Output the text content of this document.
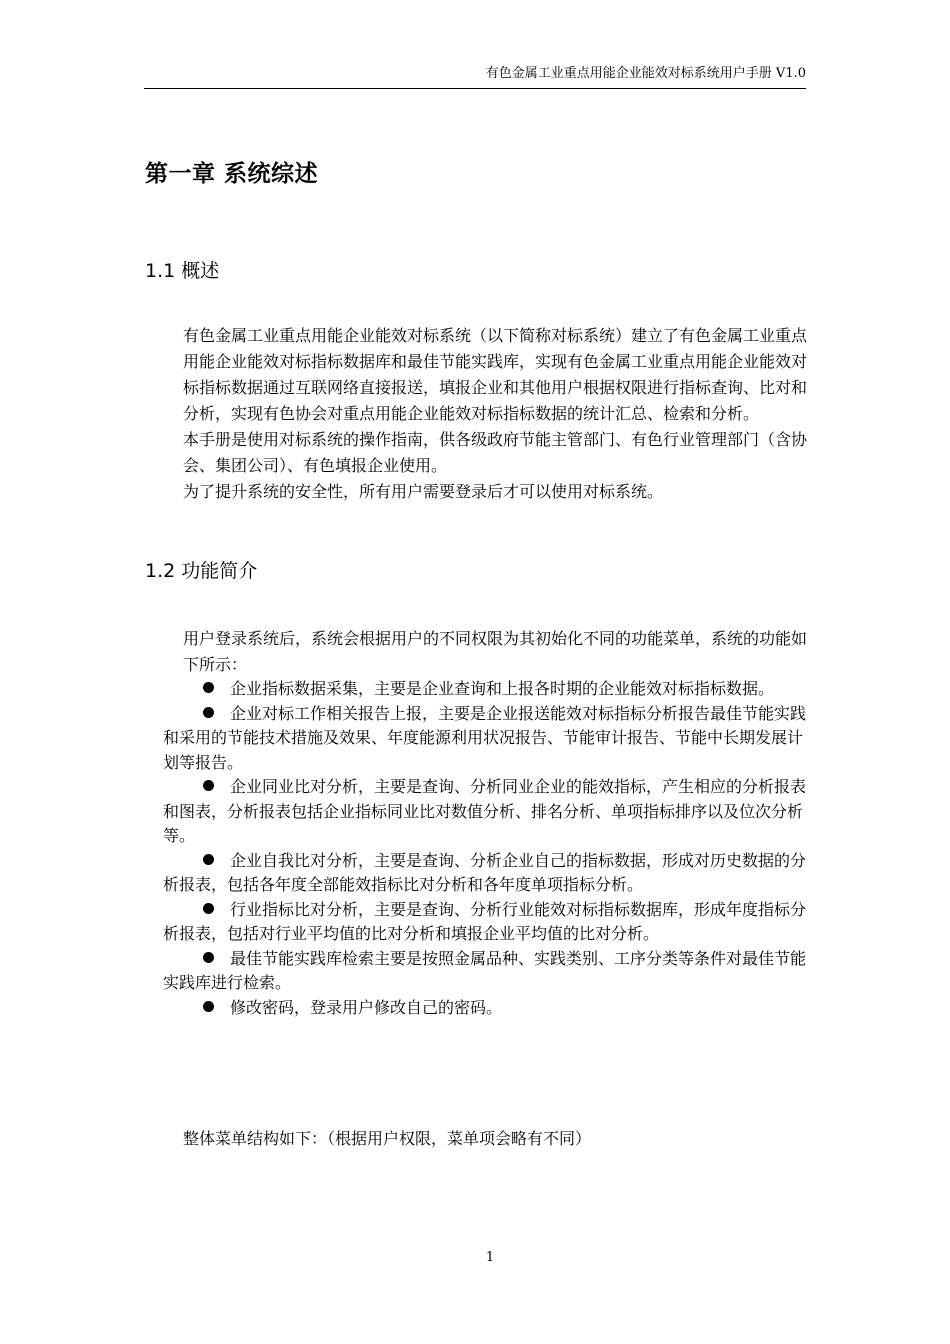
有色金属工业重点用能企业能效对标系统用户手册 V1.0
第一章 系统综述
1.1 概述
有色金属工业重点用能企业能效对标系统（以下简称对标系统）建立了有色金属工业重点用能企业能效对标指标数据库和最佳节能实践库，实现有色金属工业重点用能企业能效对标指标数据通过互联网络直接报送，填报企业和其他用户根据权限进行指标查询、比对和分析，实现有色协会对重点用能企业能效对标指标数据的统计汇总、检索和分析。
本手册是使用对标系统的操作指南，供各级政府节能主管部门、有色行业管理部门（含协会、集团公司）、有色填报企业使用。
为了提升系统的安全性，所有用户需要登录后才可以使用对标系统。
1.2 功能简介
用户登录系统后，系统会根据用户的不同权限为其初始化不同的功能菜单，系统的功能如下所示：
企业指标数据采集，主要是企业查询和上报各时期的企业能效对标指标数据。
企业对标工作相关报告上报，主要是企业报送能效对标指标分析报告最佳节能实践和采用的节能技术措施及效果、年度能源利用状况报告、节能审计报告、节能中长期发展计划等报告。
企业同业比对分析，主要是查询、分析同业企业的能效指标，产生相应的分析报表和图表，分析报表包括企业指标同业比对数值分析、排名分析、单项指标排序以及位次分析等。
企业自我比对分析，主要是查询、分析企业自己的指标数据，形成对历史数据的分析报表，包括各年度全部能效指标比对分析和各年度单项指标分析。
行业指标比对分析，主要是查询、分析行业能效对标指标数据库，形成年度指标分析报表，包括对行业平均值的比对分析和填报企业平均值的比对分析。
最佳节能实践库检索主要是按照金属品种、实践类别、工序分类等条件对最佳节能实践库进行检索。
修改密码，登录用户修改自己的密码。
整体菜单结构如下：（根据用户权限，菜单项会略有不同）
1
